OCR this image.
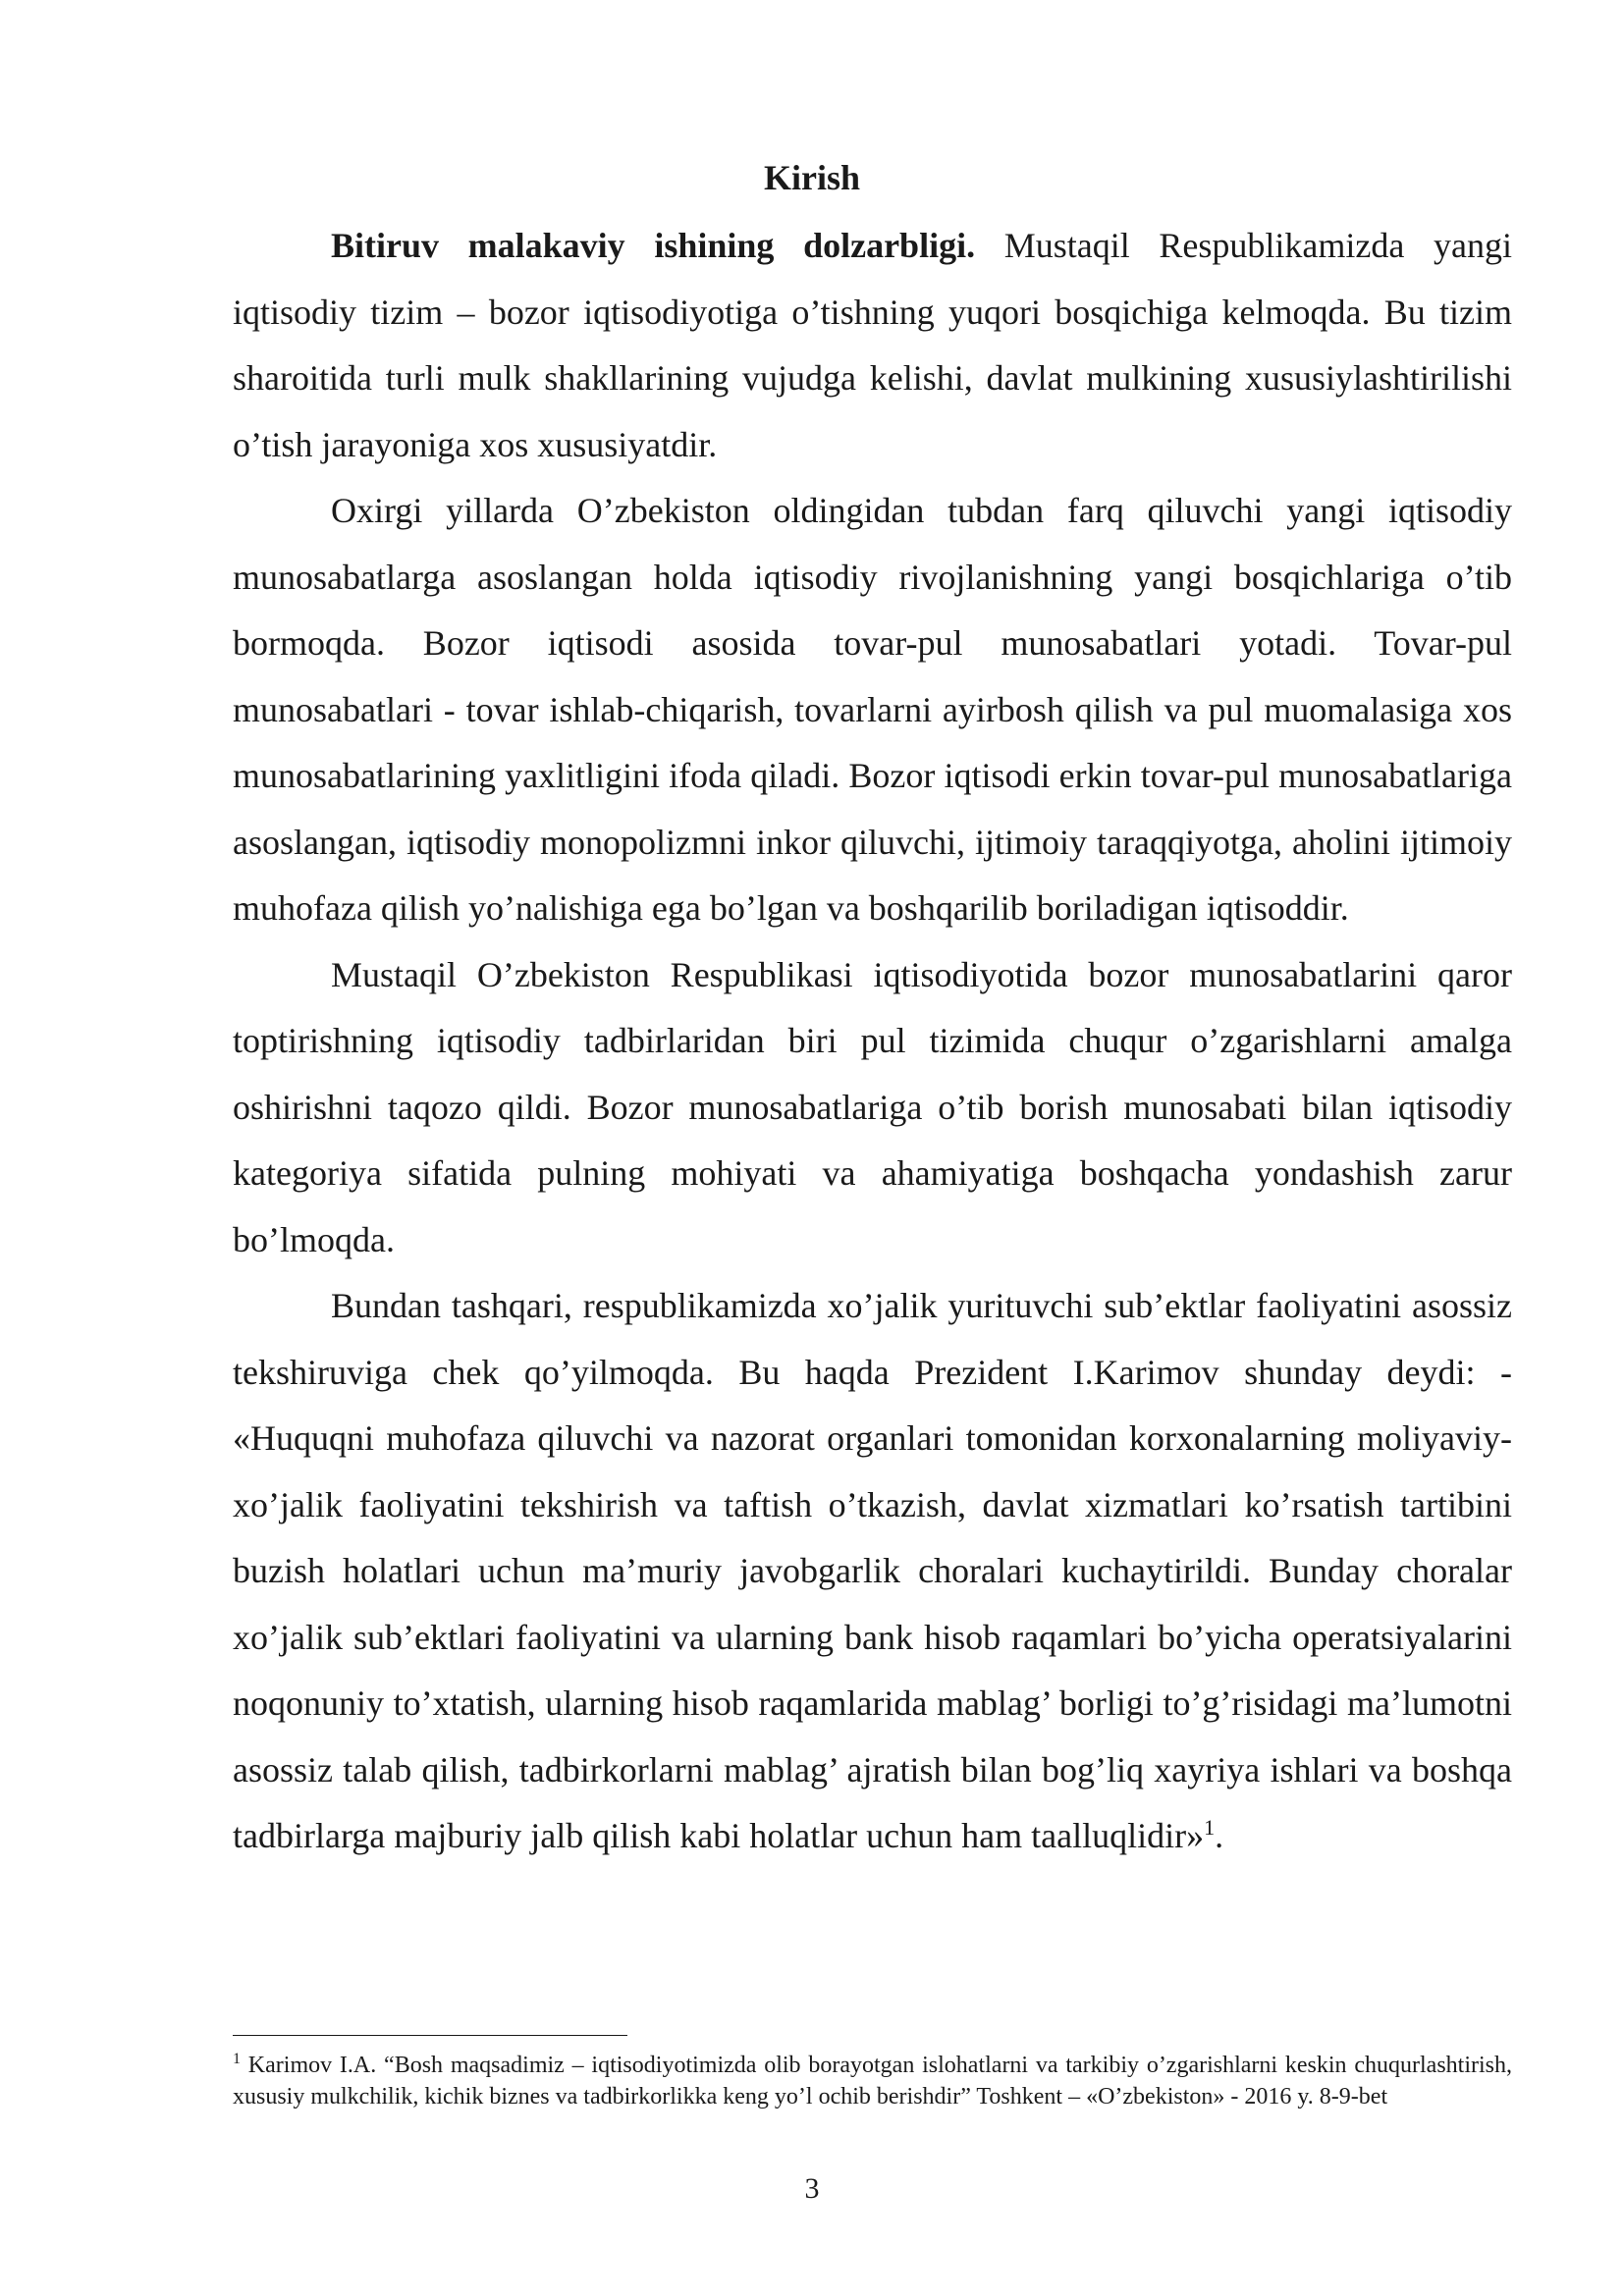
Kirish

Bitiruv malakaviy ishining dolzarbligi. Mustaqil Respublikamizda yangi iqtisodiy tizim – bozor iqtisodiyotiga o’tishning yuqori bosqichiga kelmoqda. Bu tizim sharoitida turli mulk shakllarining vujudga kelishi, davlat mulkining xususiylashtirilishi o’tish jarayoniga xos xususiyatdir.

Oxirgi yillarda O’zbekiston oldingidan tubdan farq qiluvchi yangi iqtisodiy munosabatlarga asoslangan holda iqtisodiy rivojlanishning yangi bosqichlariga o’tib bormoqda. Bozor iqtisodi asosida tovar-pul munosabatlari yotadi. Tovar-pul munosabatlari - tovar ishlab-chiqarish, tovarlarni ayirbosh qilish va pul muomalasiga xos munosabatlarining yaxlitligini ifoda qiladi. Bozor iqtisodi erkin tovar-pul munosabatlariga asoslangan, iqtisodiy monopolizmni inkor qiluvchi, ijtimoiy taraqqiyotga, aholini ijtimoiy muhofaza qilish yo’nalishiga ega bo’lgan va boshqarilib boriladigan iqtisoddir.

Mustaqil O’zbekiston Respublikasi iqtisodiyotida bozor munosabatlarini qaror toptirishning iqtisodiy tadbirlaridan biri pul tizimida chuqur o’zgarishlarni amalga oshirishni taqozo qildi. Bozor munosabatlariga o’tib borish munosabati bilan iqtisodiy kategoriya sifatida pulning mohiyati va ahamiyatiga boshqacha yondashish zarur bo’lmoqda.

Bundan tashqari, respublikamizda xo’jalik yurituvchi sub’ektlar faoliyatini asossiz tekshiruviga chek qo’yilmoqda. Bu haqda Prezident I.Karimov shunday deydi: - «Huquqni muhofaza qiluvchi va nazorat organlari tomonidan korxonalarning moliyaviy-xo’jalik faoliyatini tekshirish va taftish o’tkazish, davlat xizmatlari ko’rsatish tartibini buzish holatlari uchun ma’muriy javobgarlik choralari kuchaytirildi. Bunday choralar xo’jalik sub’ektlari faoliyatini va ularning bank hisob raqamlari bo’yicha operatsiyalarini noqonuniy to’xtatish, ularning hisob raqamlarida mablag’ borligi to’g’risidagi ma’lumotni asossiz talab qilish, tadbirkorlarni mablag’ ajratish bilan bog’liq xayriya ishlari va boshqa tadbirlarga majburiy jalb qilish kabi holatlar uchun ham taalluqlidir»$^1$.

$^1$ Karimov I.A. “Bosh maqsadimiz – iqtisodiyotimizda olib borayotgan islohatlarni va tarkibiy o’zgarishlarni keskin chuqurlashtirish, xususiy mulkchilik, kichik biznes va tadbirkorlikka keng yo’l ochib berishdir” Toshkent – «O’zbekiston» - 2016 y. 8-9-bet

3
